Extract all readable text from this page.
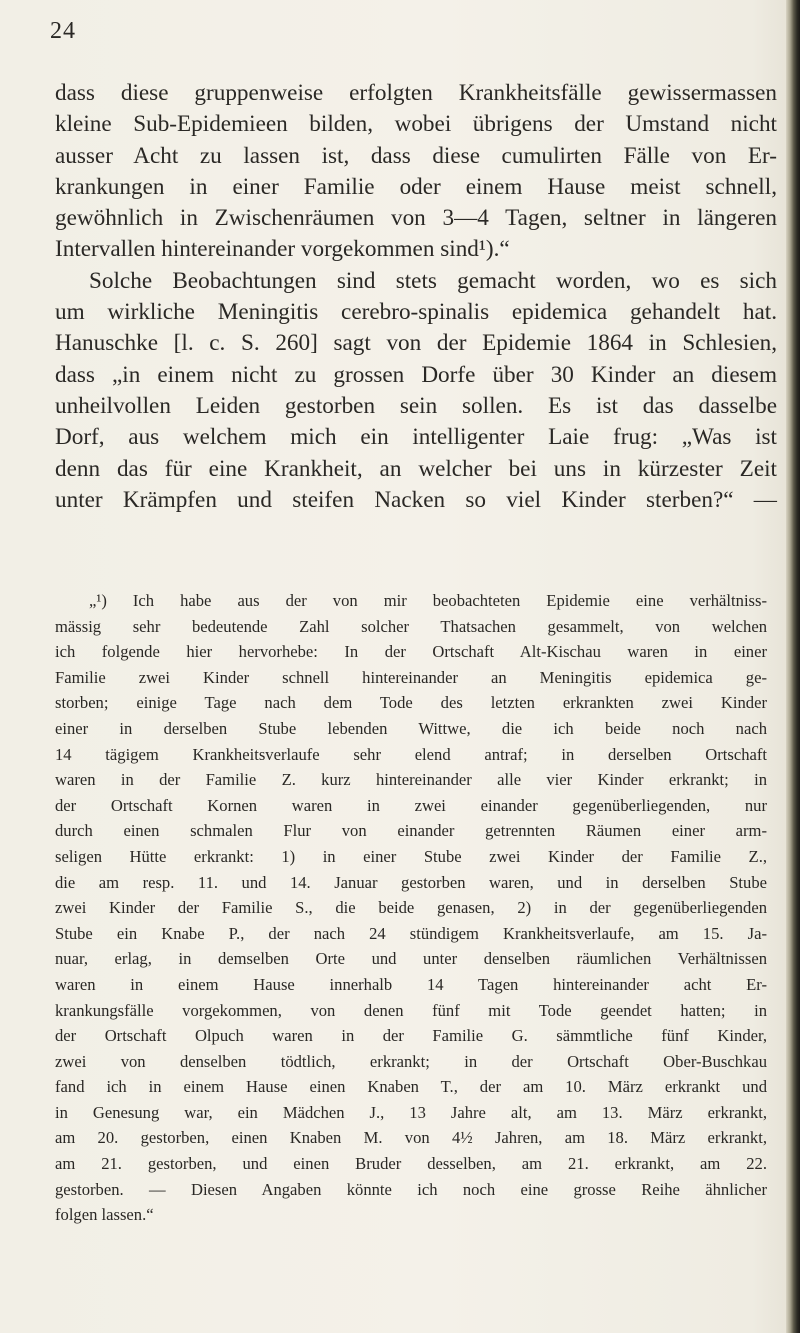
24
dass diese gruppenweise erfolgten Krankheitsfälle gewissermassen
kleine Sub-Epidemieen bilden, wobei übrigens der Umstand nicht
ausser Acht zu lassen ist, dass diese cumulirten Fälle von Er-
krankungen in einer Familie oder einem Hause meist schnell,
gewöhnlich in Zwischenräumen von 3—4 Tagen, seltner in längeren
Intervallen hintereinander vorgekommen sind¹).“
Solche Beobachtungen sind stets gemacht worden, wo es sich
um wirkliche Meningitis cerebro-spinalis epidemica gehandelt hat.
Hanuschke [l. c. S. 260] sagt von der Epidemie 1864 in Schlesien,
dass „in einem nicht zu grossen Dorfe über 30 Kinder an diesem
unheilvollen Leiden gestorben sein sollen. Es ist das dasselbe
Dorf, aus welchem mich ein intelligenter Laie frug: „Was ist
denn das für eine Krankheit, an welcher bei uns in kürzester Zeit
unter Krämpfen und steifen Nacken so viel Kinder sterben?“ —
„¹) Ich habe aus der von mir beobachteten Epidemie eine verhältniss-
mässig sehr bedeutende Zahl solcher Thatsachen gesammelt, von welchen
ich folgende hier hervorhebe: In der Ortschaft Alt-Kischau waren in einer
Familie zwei Kinder schnell hintereinander an Meningitis epidemica ge-
storben; einige Tage nach dem Tode des letzten erkrankten zwei Kinder
einer in derselben Stube lebenden Wittwe, die ich beide noch nach
14 tägigem Krankheitsverlaufe sehr elend antraf; in derselben Ortschaft
waren in der Familie Z. kurz hintereinander alle vier Kinder erkrankt; in
der Ortschaft Kornen waren in zwei einander gegenüberliegenden, nur
durch einen schmalen Flur von einander getrennten Räumen einer arm-
seligen Hütte erkrankt: 1) in einer Stube zwei Kinder der Familie Z.,
die am resp. 11. und 14. Januar gestorben waren, und in derselben Stube
zwei Kinder der Familie S., die beide genasen, 2) in der gegenüberliegenden
Stube ein Knabe P., der nach 24 stündigem Krankheitsverlaufe, am 15. Ja-
nuar, erlag, in demselben Orte und unter denselben räumlichen Verhältnissen
waren in einem Hause innerhalb 14 Tagen hintereinander acht Er-
krankungsfälle vorgekommen, von denen fünf mit Tode geendet hatten; in
der Ortschaft Olpuch waren in der Familie G. sämmtliche fünf Kinder,
zwei von denselben tödtlich, erkrankt; in der Ortschaft Ober-Buschkau
fand ich in einem Hause einen Knaben T., der am 10. März erkrankt und
in Genesung war, ein Mädchen J., 13 Jahre alt, am 13. März erkrankt,
am 20. gestorben, einen Knaben M. von 4½ Jahren, am 18. März erkrankt,
am 21. gestorben, und einen Bruder desselben, am 21. erkrankt, am 22.
gestorben. — Diesen Angaben könnte ich noch eine grosse Reihe ähnlicher
folgen lassen.“
